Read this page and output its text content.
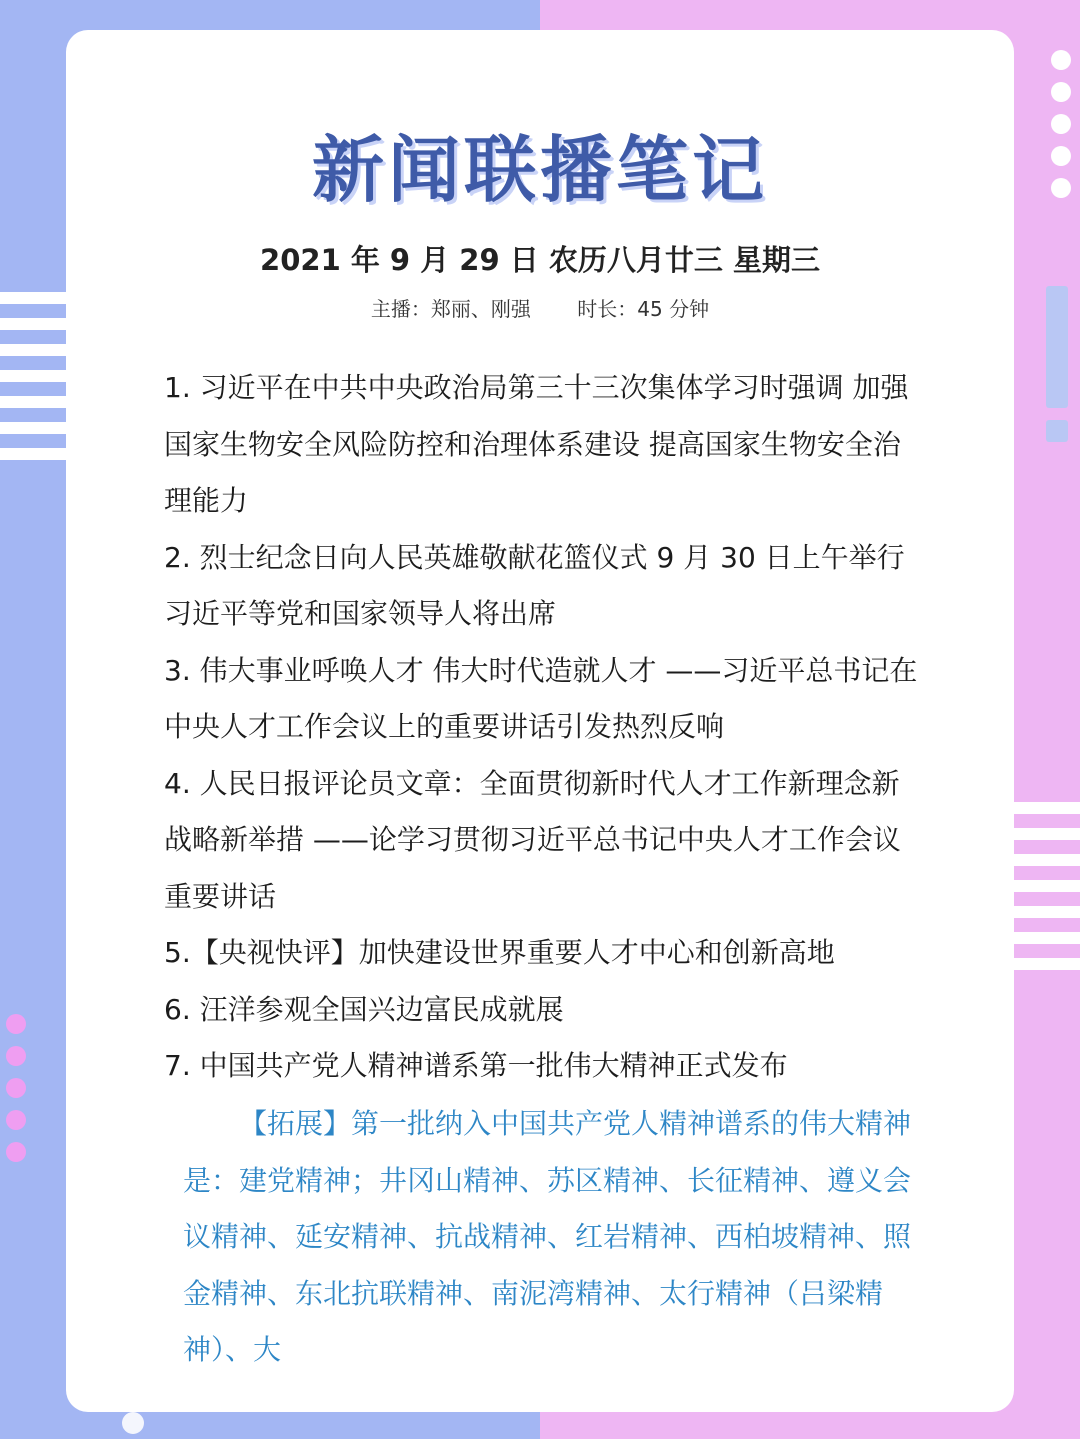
新闻联播笔记
2021 年 9 月 29 日 农历八月廿三 星期三
主播：郑丽、刚强 时长：45 分钟
1. 习近平在中共中央政治局第三十三次集体学习时强调 加强国家生物安全风险防控和治理体系建设 提高国家生物安全治理能力
2. 烈士纪念日向人民英雄敬献花篮仪式 9 月 30 日上午举行 习近平等党和国家领导人将出席
3. 伟大事业呼唤人才 伟大时代造就人才 ——习近平总书记在中央人才工作会议上的重要讲话引发热烈反响
4. 人民日报评论员文章：全面贯彻新时代人才工作新理念新战略新举措 ——论学习贯彻习近平总书记中央人才工作会议重要讲话
5.【央视快评】加快建设世界重要人才中心和创新高地
6. 汪洋参观全国兴边富民成就展
7. 中国共产党人精神谱系第一批伟大精神正式发布
【拓展】第一批纳入中国共产党人精神谱系的伟大精神是：建党精神；井冈山精神、苏区精神、长征精神、遵义会议精神、延安精神、抗战精神、红岩精神、西柏坡精神、照金精神、东北抗联精神、南泥湾精神、太行精神（吕梁精神）、大
